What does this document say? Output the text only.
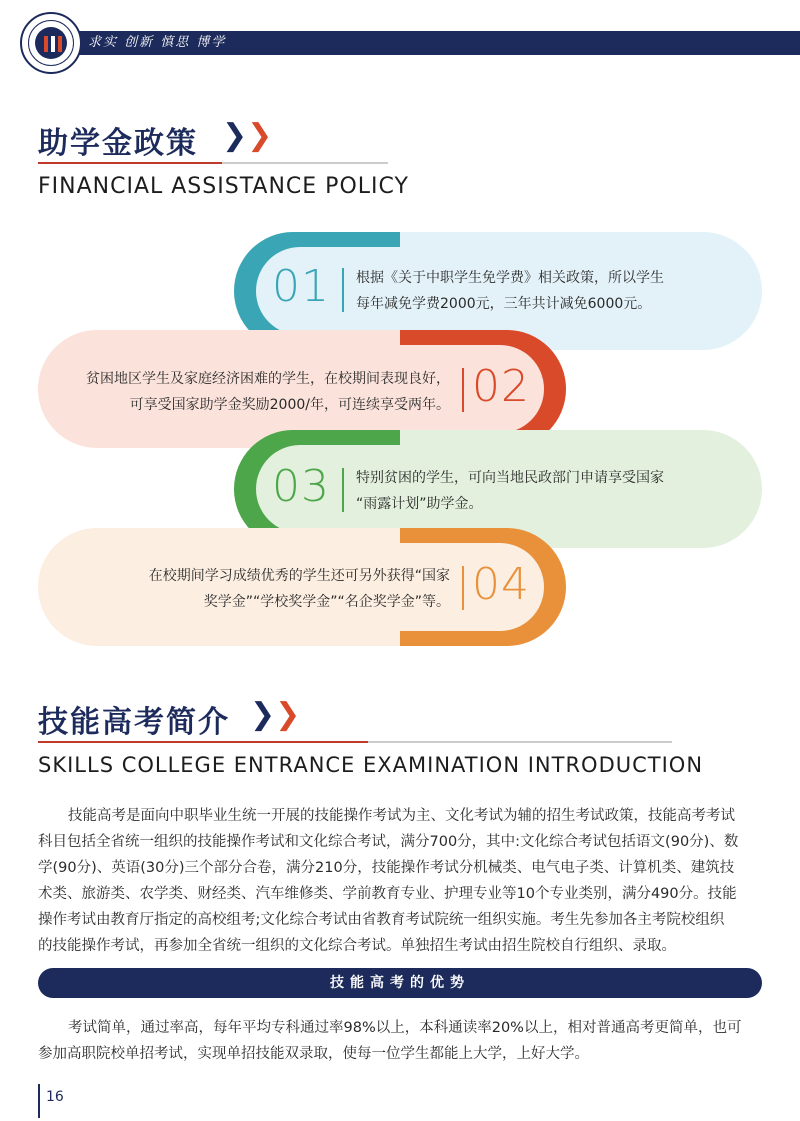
求实 创新 慎思 博学
助学金政策 ❯❯
FINANCIAL ASSISTANCE POLICY
01 根据《关于中职学生免学费》相关政策，所以学生
每年减免学费2000元，三年共计减免6000元。
02
贫困地区学生及家庭经济困难的学生，在校期间表现良好，
可享受国家助学金奖励2000/年，可连续享受两年。
03 特别贫困的学生，可向当地民政部门申请享受国家
“雨露计划”助学金。
04
在校期间学习成绩优秀的学生还可另外获得“国家
奖学金”“学校奖学金”“名企奖学金”等。
技能高考简介 ❯❯
SKILLS COLLEGE ENTRANCE EXAMINATION INTRODUCTION
技能高考是面向中职毕业生统一开展的技能操作考试为主、文化考试为辅的招生考试政策，技能高考考试
科目包括全省统一组织的技能操作考试和文化综合考试，满分700分，其中:文化综合考试包括语文(90分)、数
学(90分)、英语(30分)三个部分合卷，满分210分，技能操作考试分机械类、电气电子类、计算机类、建筑技
术类、旅游类、农学类、财经类、汽车维修类、学前教育专业、护理专业等10个专业类别，满分490分。技能
操作考试由教育厅指定的高校组考;文化综合考试由省教育考试院统一组织实施。考生先参加各主考院校组织
的技能操作考试，再参加全省统一组织的文化综合考试。单独招生考试由招生院校自行组织、录取。
技能高考的优势
考试简单，通过率高，每年平均专科通过率98%以上，本科通读率20%以上，相对普通高考更简单，也可
参加高职院校单招考试，实现单招技能双录取，使每一位学生都能上大学，上好大学。
16
